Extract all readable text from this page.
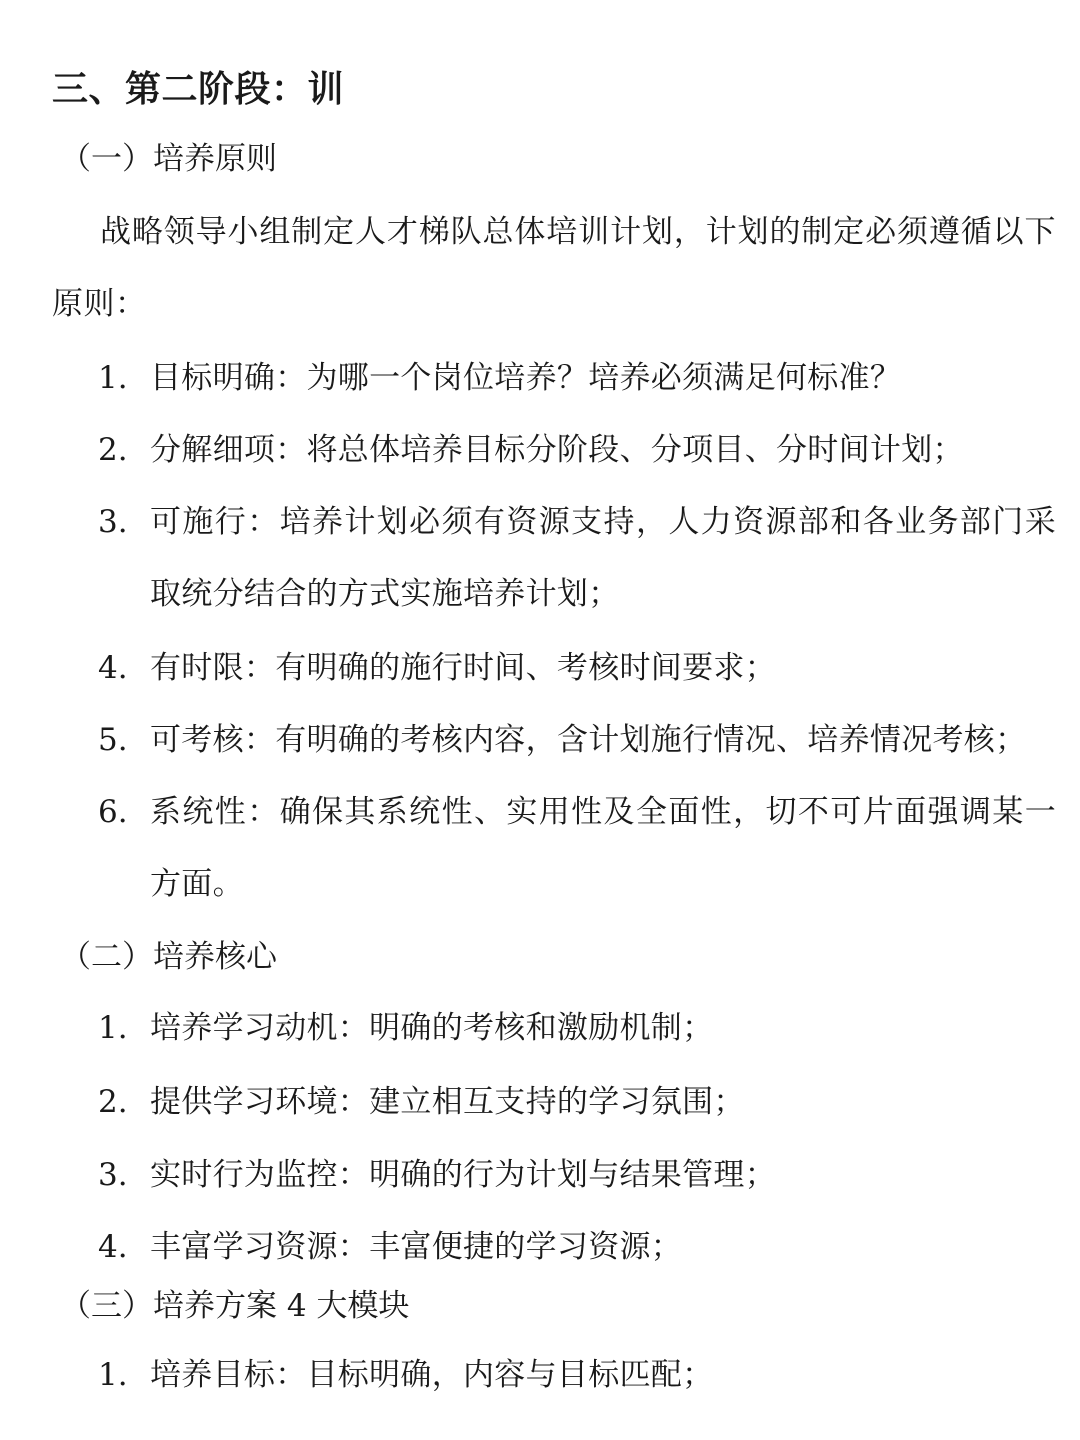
三、第二阶段：训
（一）培养原则
战略领导小组制定人才梯队总体培训计划，计划的制定必须遵循以下原则：
1. 目标明确：为哪一个岗位培养？培养必须满足何标准？
2. 分解细项：将总体培养目标分阶段、分项目、分时间计划；
3. 可施行：培养计划必须有资源支持，人力资源部和各业务部门采取统分结合的方式实施培养计划；
4. 有时限：有明确的施行时间、考核时间要求；
5. 可考核：有明确的考核内容，含计划施行情况、培养情况考核；
6. 系统性：确保其系统性、实用性及全面性，切不可片面强调某一方面。
（二）培养核心
1. 培养学习动机：明确的考核和激励机制；
2. 提供学习环境：建立相互支持的学习氛围；
3. 实时行为监控：明确的行为计划与结果管理；
4. 丰富学习资源：丰富便捷的学习资源；
（三）培养方案 4 大模块
1. 培养目标：目标明确，内容与目标匹配；
